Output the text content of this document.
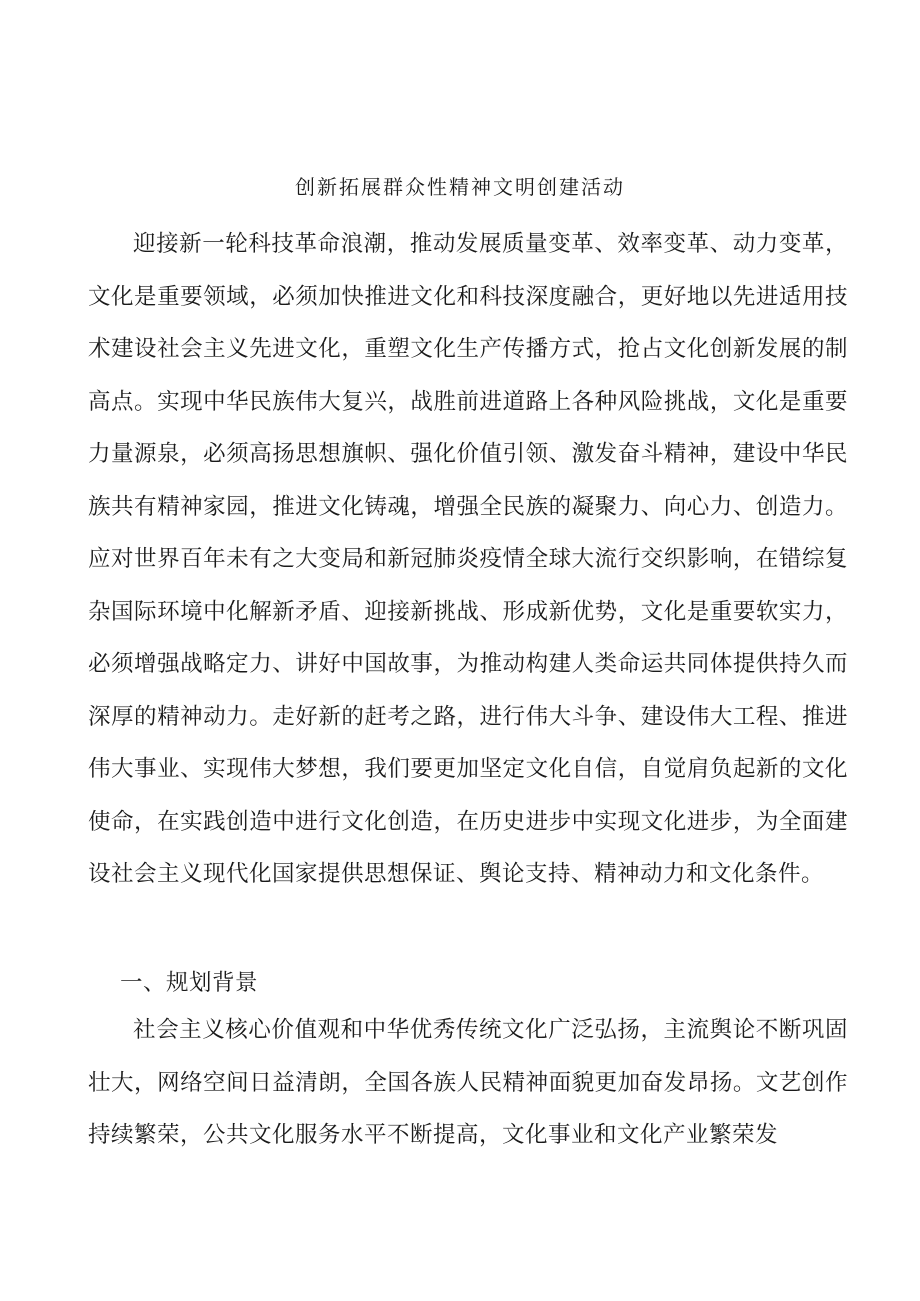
创新拓展群众性精神文明创建活动

迎接新一轮科技革命浪潮，推动发展质量变革、效率变革、动力变革，文化是重要领域，必须加快推进文化和科技深度融合，更好地以先进适用技术建设社会主义先进文化，重塑文化生产传播方式，抢占文化创新发展的制高点。实现中华民族伟大复兴，战胜前进道路上各种风险挑战，文化是重要力量源泉，必须高扬思想旗帜、强化价值引领、激发奋斗精神，建设中华民族共有精神家园，推进文化铸魂，增强全民族的凝聚力、向心力、创造力。应对世界百年未有之大变局和新冠肺炎疫情全球大流行交织影响，在错综复杂国际环境中化解新矛盾、迎接新挑战、形成新优势，文化是重要软实力，必须增强战略定力、讲好中国故事，为推动构建人类命运共同体提供持久而深厚的精神动力。走好新的赶考之路，进行伟大斗争、建设伟大工程、推进伟大事业、实现伟大梦想，我们要更加坚定文化自信，自觉肩负起新的文化使命，在实践创造中进行文化创造，在历史进步中实现文化进步，为全面建设社会主义现代化国家提供思想保证、舆论支持、精神动力和文化条件。

一、规划背景

社会主义核心价值观和中华优秀传统文化广泛弘扬，主流舆论不断巩固壮大，网络空间日益清朗，全国各族人民精神面貌更加奋发昂扬。文艺创作持续繁荣，公共文化服务水平不断提高，文化事业和文化产业繁荣发
